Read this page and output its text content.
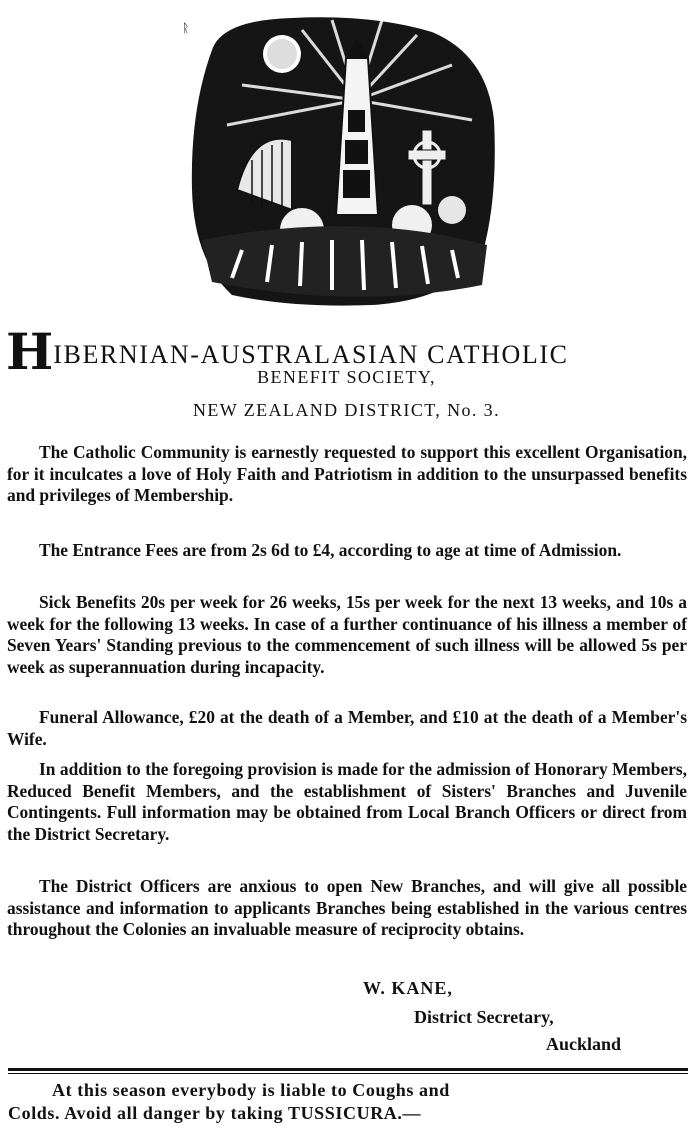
ᚱ
HIBERNIAN-AUSTRALASIAN CATHOLIC
BENEFIT SOCIETY,
NEW ZEALAND DISTRICT, No. 3.
The Catholic Community is earnestly requested to support this excellent Organisation, for it inculcates a love of Holy Faith and Patriotism in addition to the unsurpassed benefits and privileges of Membership.
The Entrance Fees are from 2s 6d to £4, according to age at time of Admission.
Sick Benefits 20s per week for 26 weeks, 15s per week for the next 13 weeks, and 10s a week for the following 13 weeks. In case of a further continuance of his illness a member of Seven Years' Standing previous to the commencement of such illness will be allowed 5s per week as superannuation during incapacity.
Funeral Allowance, £20 at the death of a Member, and £10 at the death of a Member's Wife.
In addition to the foregoing provision is made for the admission of Honorary Members, Reduced Benefit Members, and the establishment of Sisters' Branches and Juvenile Contingents. Full information may be obtained from Local Branch Officers or direct from the District Secretary.
The District Officers are anxious to open New Branches, and will give all possible assistance and information to applicants Branches being established in the various centres throughout the Colonies an invaluable measure of reciprocity obtains.
W. KANE,
District Secretary,
Auckland
At this season everybody is liable to Coughs and
Colds. Avoid all danger by taking TUSSICURA.—
